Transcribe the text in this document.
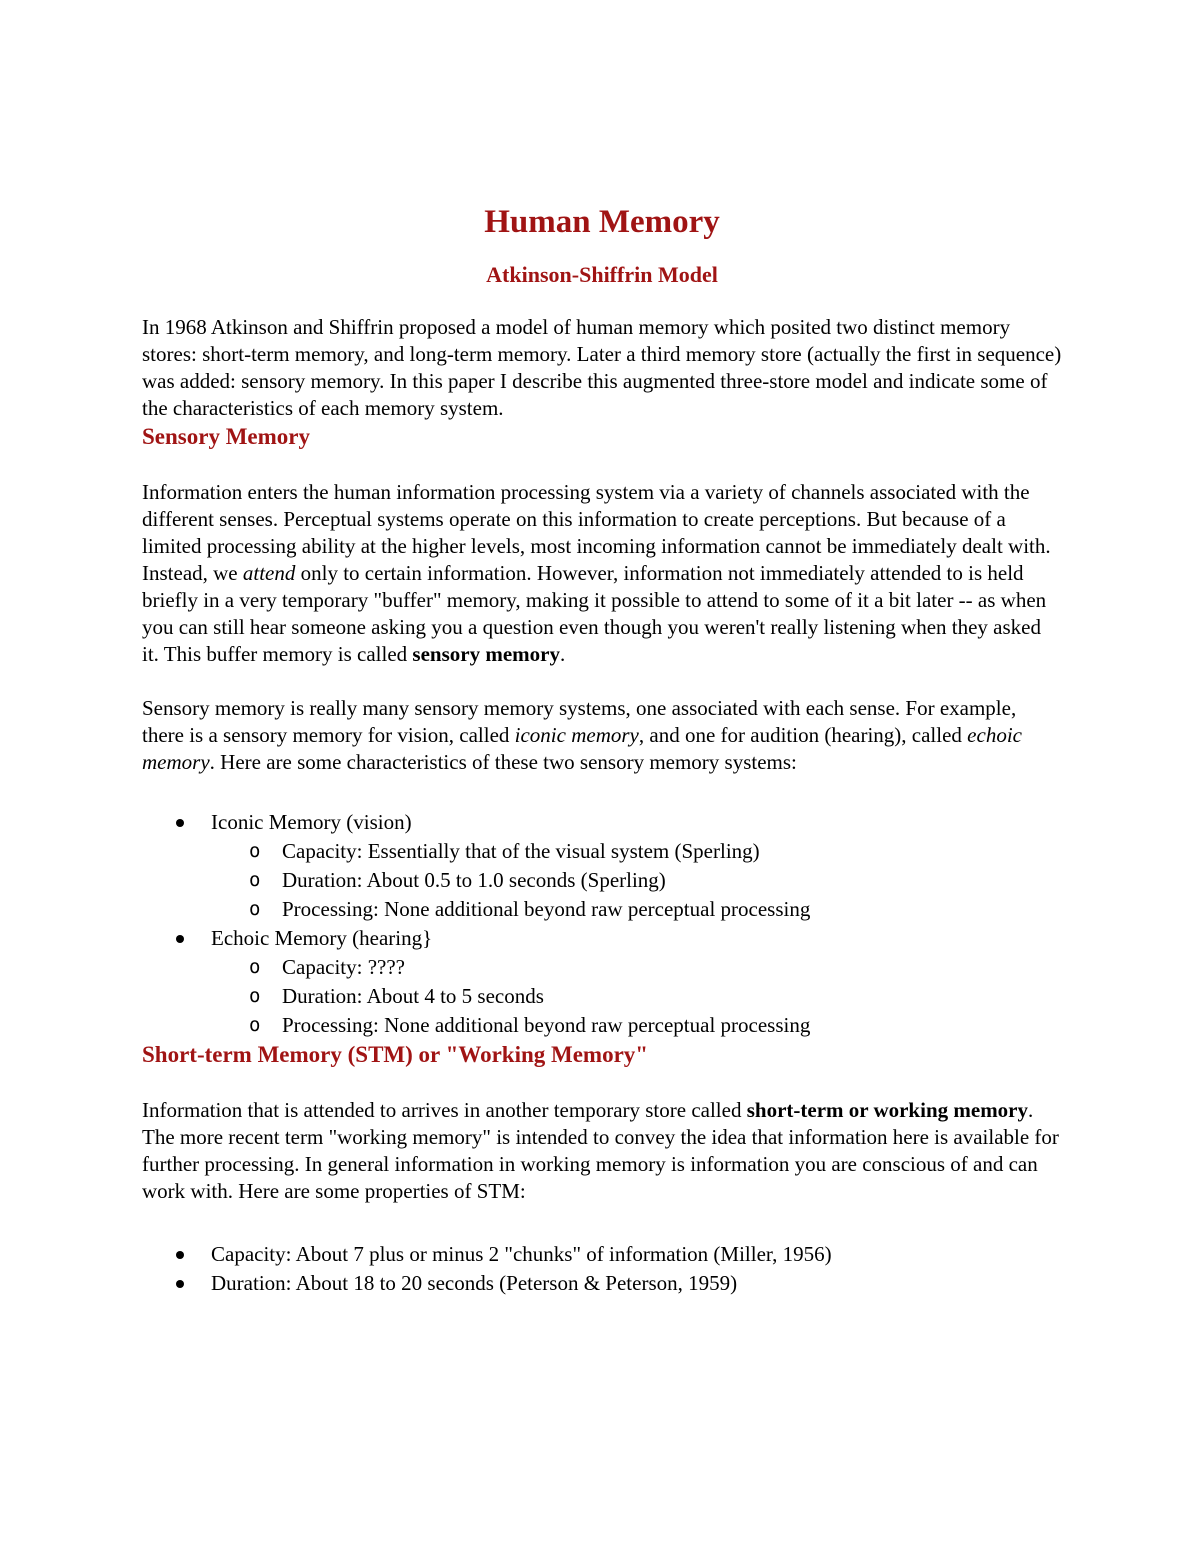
Human Memory
Atkinson-Shiffrin Model

In 1968 Atkinson and Shiffrin proposed a model of human memory which posited two distinct memory stores: short-term memory, and long-term memory. Later a third memory store (actually the first in sequence) was added: sensory memory. In this paper I describe this augmented three-store model and indicate some of the characteristics of each memory system.

Sensory Memory

Information enters the human information processing system via a variety of channels associated with the different senses. Perceptual systems operate on this information to create perceptions. But because of a limited processing ability at the higher levels, most incoming information cannot be immediately dealt with. Instead, we attend only to certain information. However, information not immediately attended to is held briefly in a very temporary "buffer" memory, making it possible to attend to some of it a bit later -- as when you can still hear someone asking you a question even though you weren't really listening when they asked it. This buffer memory is called sensory memory.

Sensory memory is really many sensory memory systems, one associated with each sense. For example, there is a sensory memory for vision, called iconic memory, and one for audition (hearing), called echoic memory. Here are some characteristics of these two sensory memory systems:

Iconic Memory (vision)
o Capacity: Essentially that of the visual system (Sperling)
o Duration: About 0.5 to 1.0 seconds (Sperling)
o Processing: None additional beyond raw perceptual processing
Echoic Memory (hearing}
o Capacity: ????
o Duration: About 4 to 5 seconds
o Processing: None additional beyond raw perceptual processing
Short-term Memory (STM) or "Working Memory"

Information that is attended to arrives in another temporary store called short-term or working memory. The more recent term "working memory" is intended to convey the idea that information here is available for further processing. In general information in working memory is information you are conscious of and can work with. Here are some properties of STM:

Capacity: About 7 plus or minus 2 "chunks" of information (Miller, 1956)
Duration: About 18 to 20 seconds (Peterson & Peterson, 1959)
